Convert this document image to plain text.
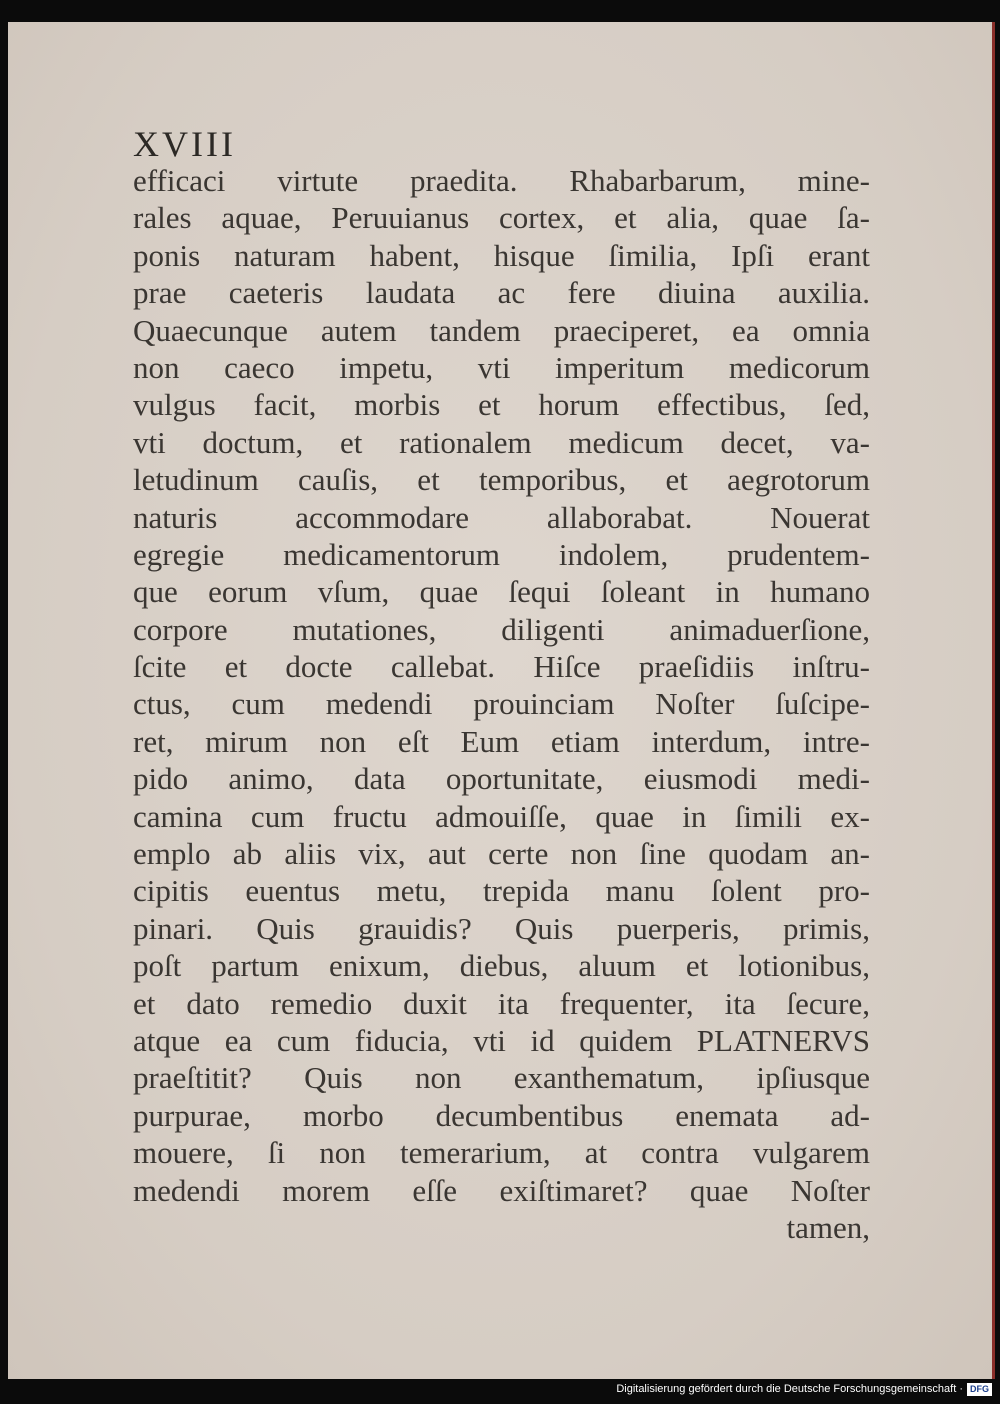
XVIII
efficaci virtute praedita. Rhabarbarum, mine-
rales aquae, Peruuianus cortex, et alia, quae ſa-
ponis naturam habent, hisque ſimilia, Ipſi erant
prae caeteris laudata ac fere diuina auxilia.
Quaecunque autem tandem praeciperet, ea omnia
non caeco impetu, vti imperitum medicorum
vulgus facit, morbis et horum effectibus, ſed,
vti doctum, et rationalem medicum decet, va-
letudinum cauſis, et temporibus, et aegrotorum
naturis accommodare allaborabat. Nouerat
egregie medicamentorum indolem, prudentem-
que eorum vſum, quae ſequi ſoleant in humano
corpore mutationes, diligenti animaduerſione,
ſcite et docte callebat. Hiſce praeſidiis inſtru-
ctus, cum medendi prouinciam Noſter ſuſcipe-
ret, mirum non eſt Eum etiam interdum, intre-
pido animo, data oportunitate, eiusmodi medi-
camina cum fructu admouiſſe, quae in ſimili ex-
emplo ab aliis vix, aut certe non ſine quodam an-
cipitis euentus metu, trepida manu ſolent pro-
pinari. Quis grauidis? Quis puerperis, primis,
poſt partum enixum, diebus, aluum et lotionibus,
et dato remedio duxit ita frequenter, ita ſecure,
atque ea cum fiducia, vti id quidem PLATNERVS
praeſtitit? Quis non exanthematum, ipſiusque
purpurae, morbo decumbentibus enemata ad-
mouere, ſi non temerarium, at contra vulgarem
medendi morem eſſe exiſtimaret? quae Noſter
tamen,
Digitalisierung gefördert durch die Deutsche Forschungsgemeinschaft · DFG
